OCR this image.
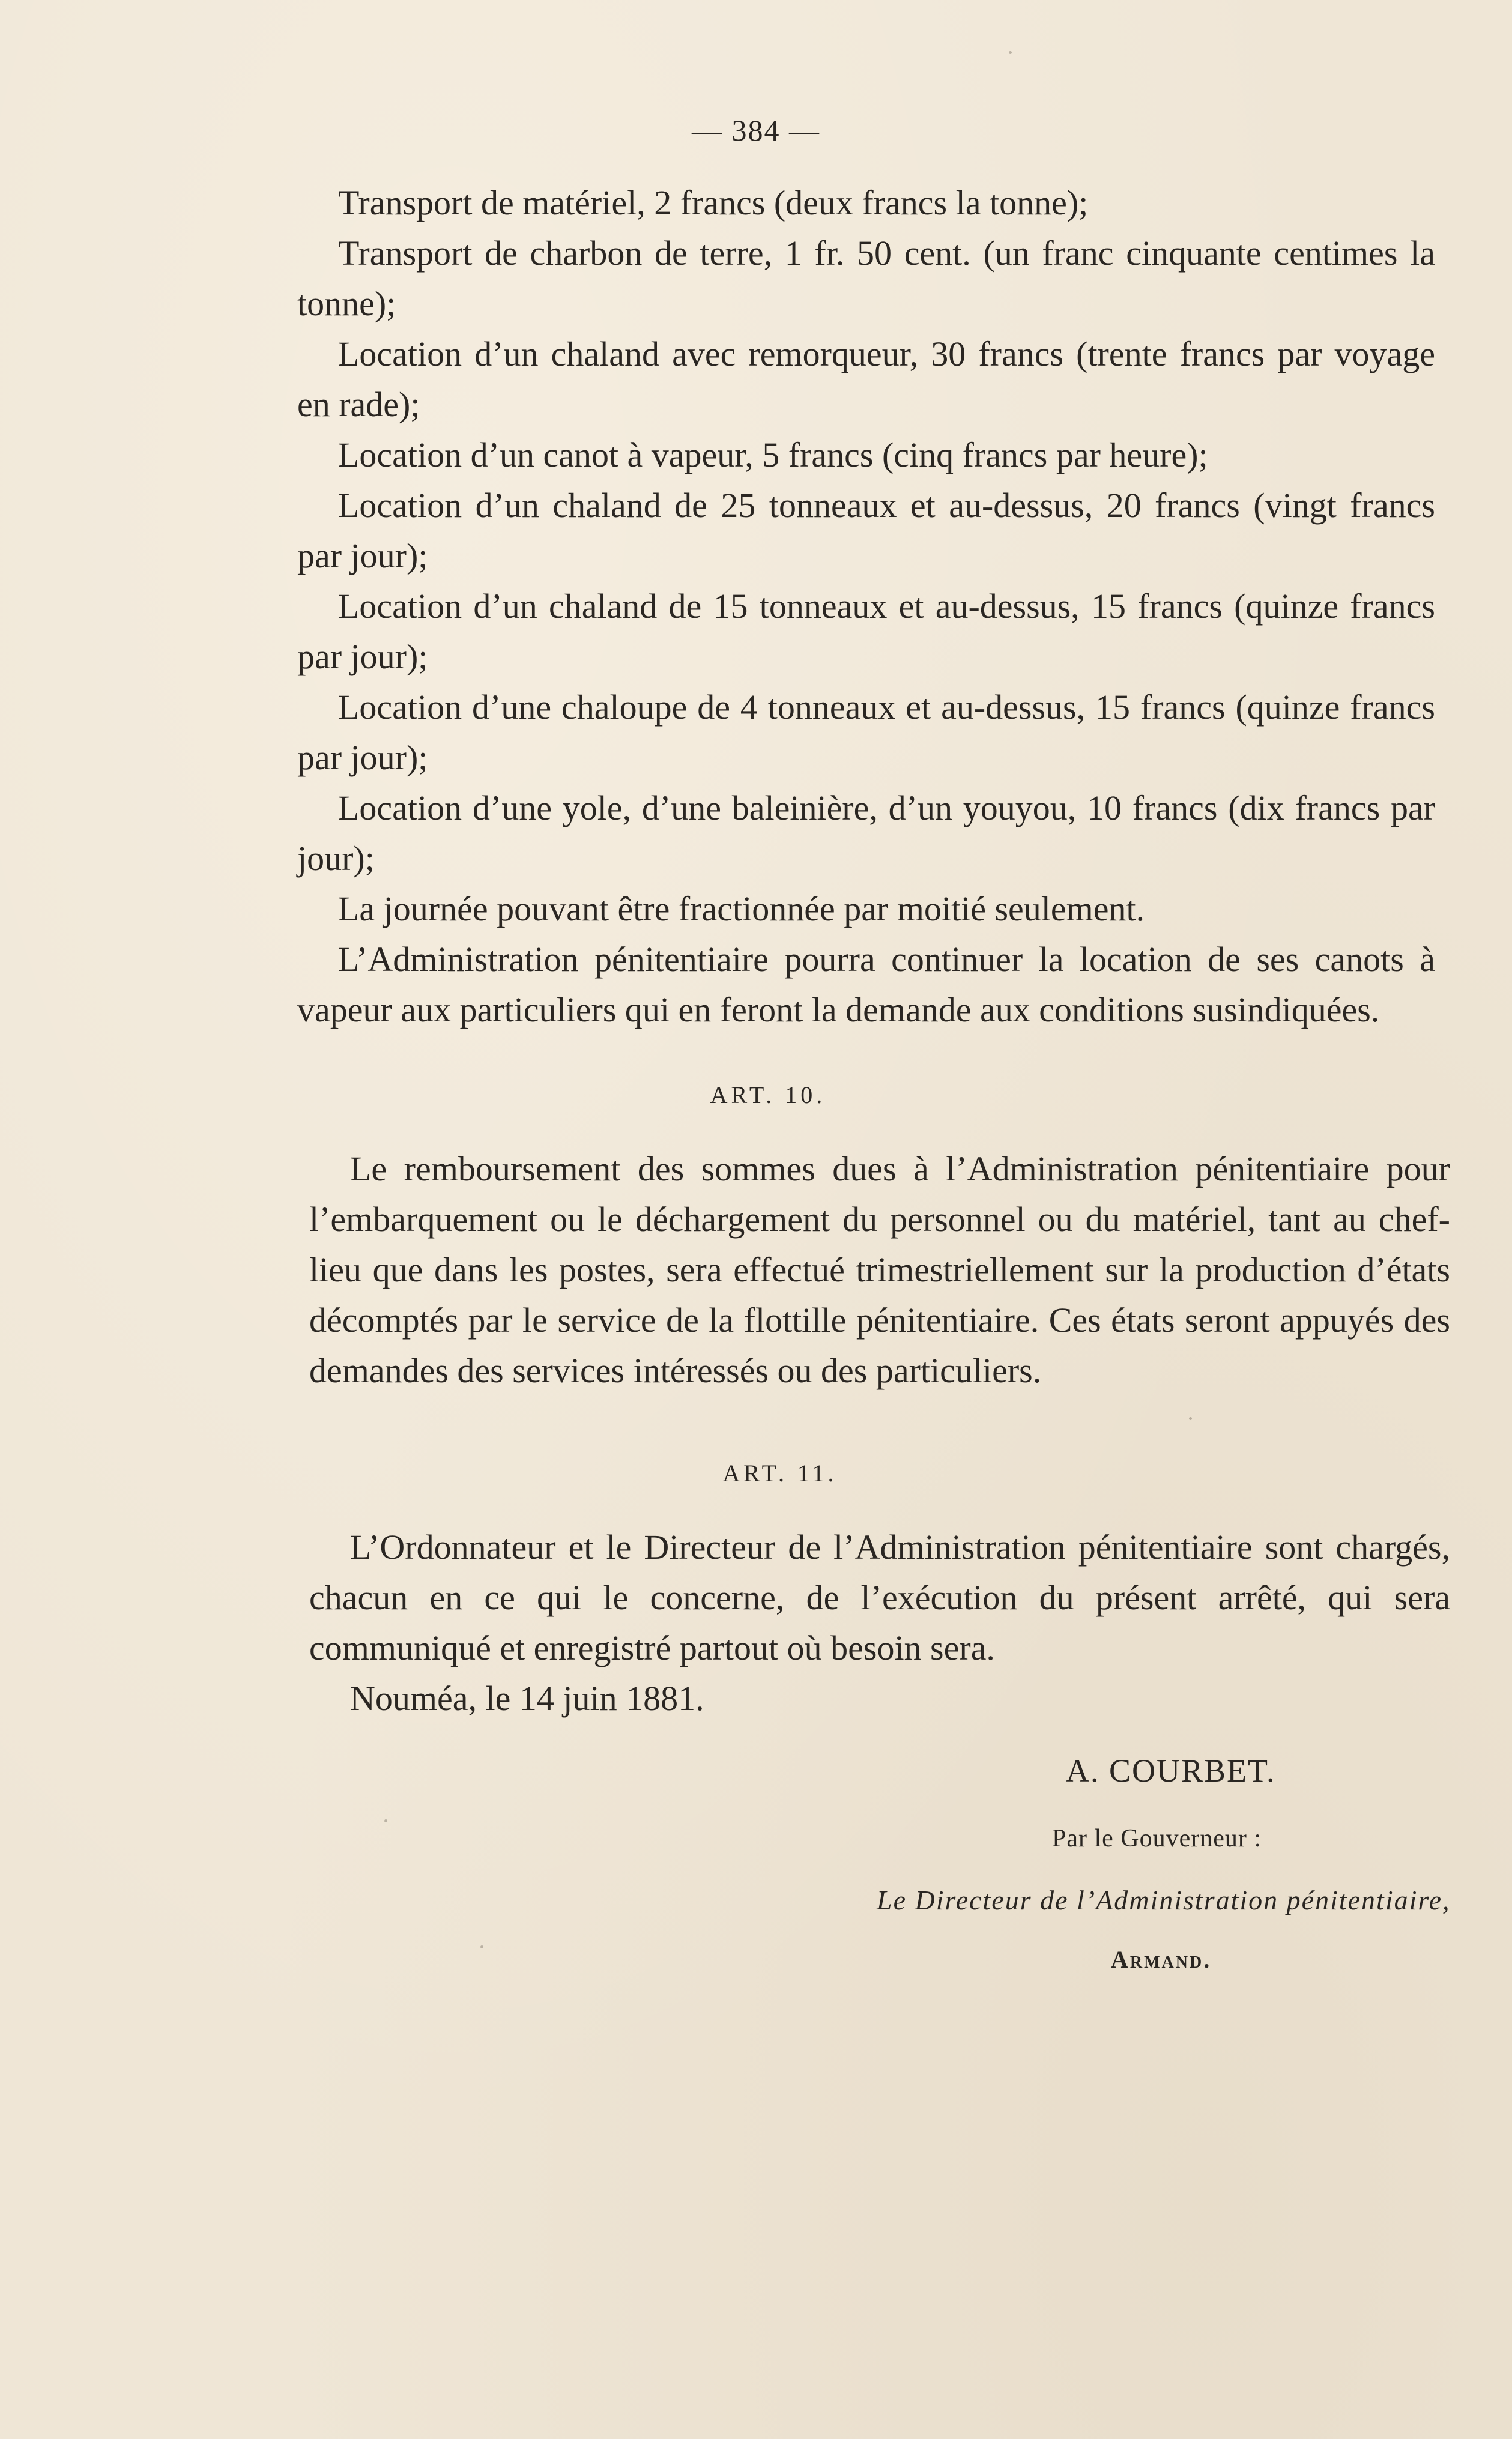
— 384 —

Transport de matériel, 2 francs (deux francs la tonne);

Transport de charbon de terre, 1 fr. 50 cent. (un franc cinquante centimes la tonne);

Location d’un chaland avec remorqueur, 30 francs (trente francs par voyage en rade);

Location d’un canot à vapeur, 5 francs (cinq francs par heure);

Location d’un chaland de 25 tonneaux et au-dessus, 20 francs (vingt francs par jour);

Location d’un chaland de 15 tonneaux et au-dessus, 15 francs (quinze francs par jour);

Location d’une chaloupe de 4 tonneaux et au-dessus, 15 francs (quinze francs par jour);

Location d’une yole, d’une baleinière, d’un youyou, 10 francs (dix francs par jour);

La journée pouvant être fractionnée par moitié seulement.

L’Administration pénitentiaire pourra continuer la location de ses canots à vapeur aux particuliers qui en feront la demande aux conditions susindiquées.

ART. 10.

Le remboursement des sommes dues à l’Administration pénitentiaire pour l’embarquement ou le déchargement du personnel ou du matériel, tant au chef-lieu que dans les postes, sera effectué trimestriellement sur la production d’états décomptés par le service de la flottille pénitentiaire. Ces états seront appuyés des demandes des services intéressés ou des particuliers.

ART. 11.

L’Ordonnateur et le Directeur de l’Administration pénitentiaire sont chargés, chacun en ce qui le concerne, de l’exécution du présent arrêté, qui sera communiqué et enregistré partout où besoin sera.

Nouméa, le 14 juin 1881.

A. COURBET.
Par le Gouverneur :
Le Directeur de l’Administration pénitentiaire,
Armand.
